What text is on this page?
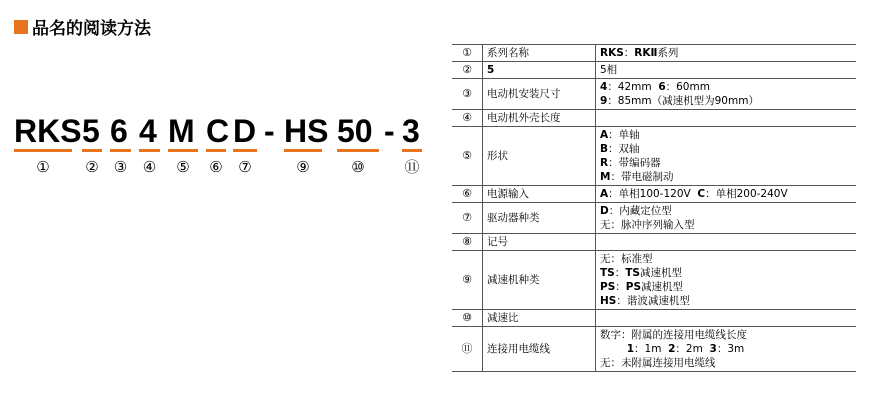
品名的阅读方法
RKS
①
5
②
6
③
4
④
M
⑤
C
⑥
D
⑦
HS
⑨
50
⑩
3
⑪
-	-
①	系列名称	RKS：RKⅡ系列

②	5	5相

③	电动机安装尺寸	4：42mm  6：60mm
9：85mm（减速机型为90mm）

④	电动机外壳长度	
⑤	形状	A：单轴
B：双轴
R：带编码器
M：带电磁制动

⑥	电源输入	A：单相100-120V  C：单相200-240V

⑦	驱动器种类	D：内藏定位型
无：脉冲序列输入型

⑧	记号	
⑨	减速机种类	无：标准型
TS：TS减速机型
PS：PS减速机型
HS：谐波减速机型

⑩	减速比	
⑪	连接用电缆线	数字：附属的连接用电缆线长度
1：1m  2：2m  3：3m
无：未附属连接用电缆线
